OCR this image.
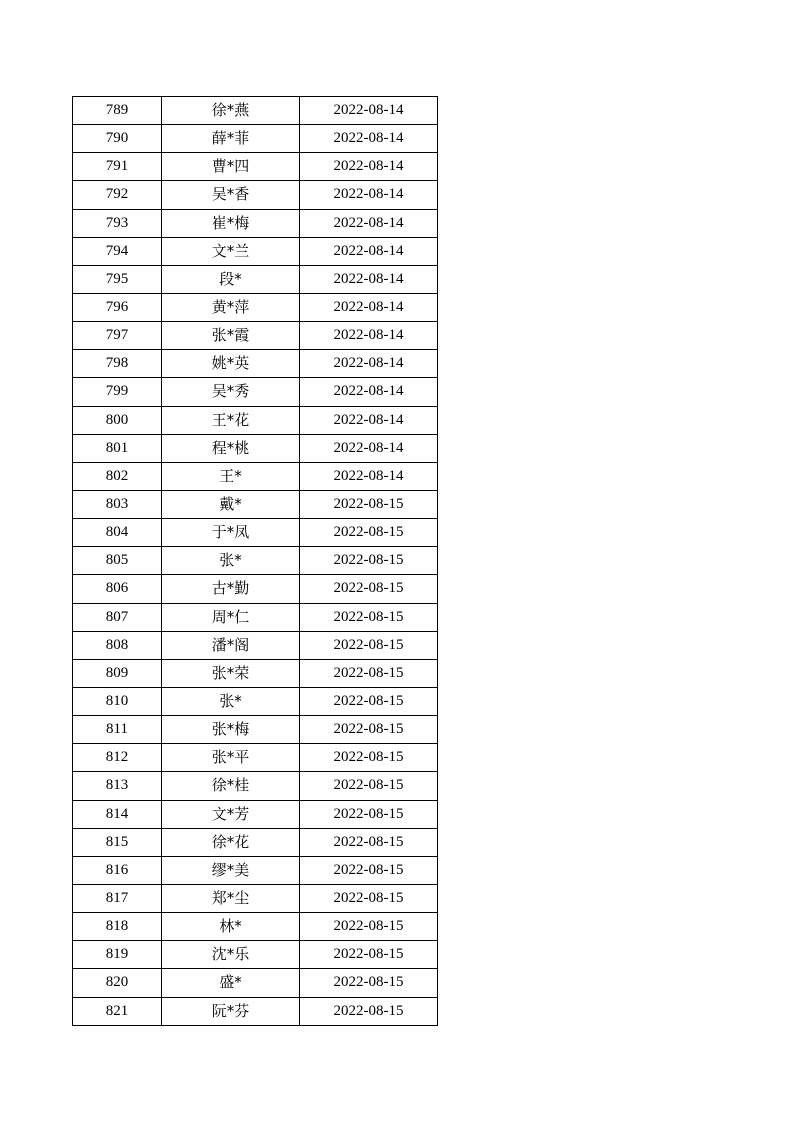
789	徐*燕	2022-08-14
790	薛*菲	2022-08-14
791	曹*四	2022-08-14
792	吴*香	2022-08-14
793	崔*梅	2022-08-14
794	文*兰	2022-08-14
795	段*	2022-08-14
796	黄*萍	2022-08-14
797	张*霞	2022-08-14
798	姚*英	2022-08-14
799	吴*秀	2022-08-14
800	王*花	2022-08-14
801	程*桃	2022-08-14
802	王*	2022-08-14
803	戴*	2022-08-15
804	于*凤	2022-08-15
805	张*	2022-08-15
806	古*勤	2022-08-15
807	周*仁	2022-08-15
808	潘*阁	2022-08-15
809	张*荣	2022-08-15
810	张*	2022-08-15
811	张*梅	2022-08-15
812	张*平	2022-08-15
813	徐*桂	2022-08-15
814	文*芳	2022-08-15
815	徐*花	2022-08-15
816	缪*美	2022-08-15
817	郑*尘	2022-08-15
818	林*	2022-08-15
819	沈*乐	2022-08-15
820	盛*	2022-08-15
821	阮*芬	2022-08-15
